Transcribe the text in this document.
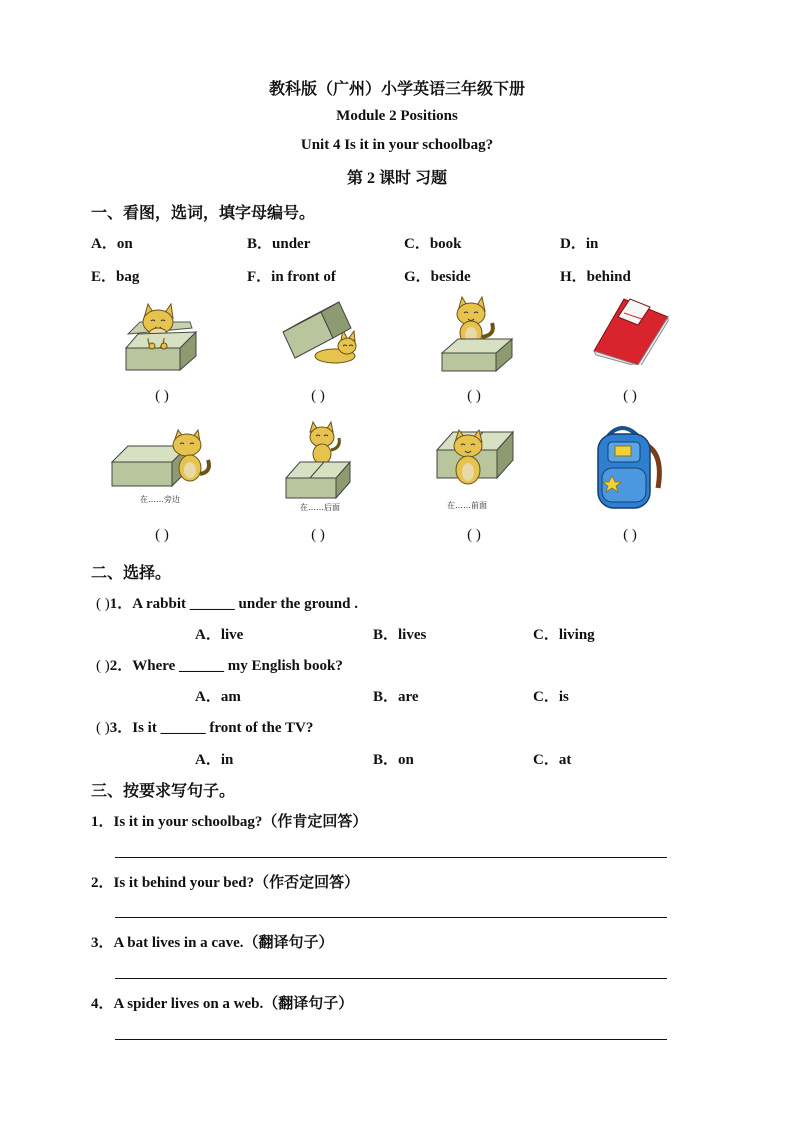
教科版（广州）小学英语三年级下册
Module 2 Positions
Unit 4 Is it in your schoolbag?
第 2 课时 习题
一、看图，选词，填字母编号。
A．on	B．under	C．book	D．in
E．bag	F．in front of	G．beside	H．behind
( )	( )	( )	( )
在……旁边
在……后面	在……前面
( )	( )	( )	( )
二、选择。
( )1．A rabbit ______ under the ground .
A．live	B．lives	C．living
( )2．Where ______ my English book?
A．am	B．are	C．is
( )3．Is it ______ front of the TV?
A．in	B．on	C．at
三、按要求写句子。
1．Is it in your schoolbag?（作肯定回答）
2．Is it behind your bed?（作否定回答）
3．A bat lives in a cave.（翻译句子）
4．A spider lives on a web.（翻译句子）
